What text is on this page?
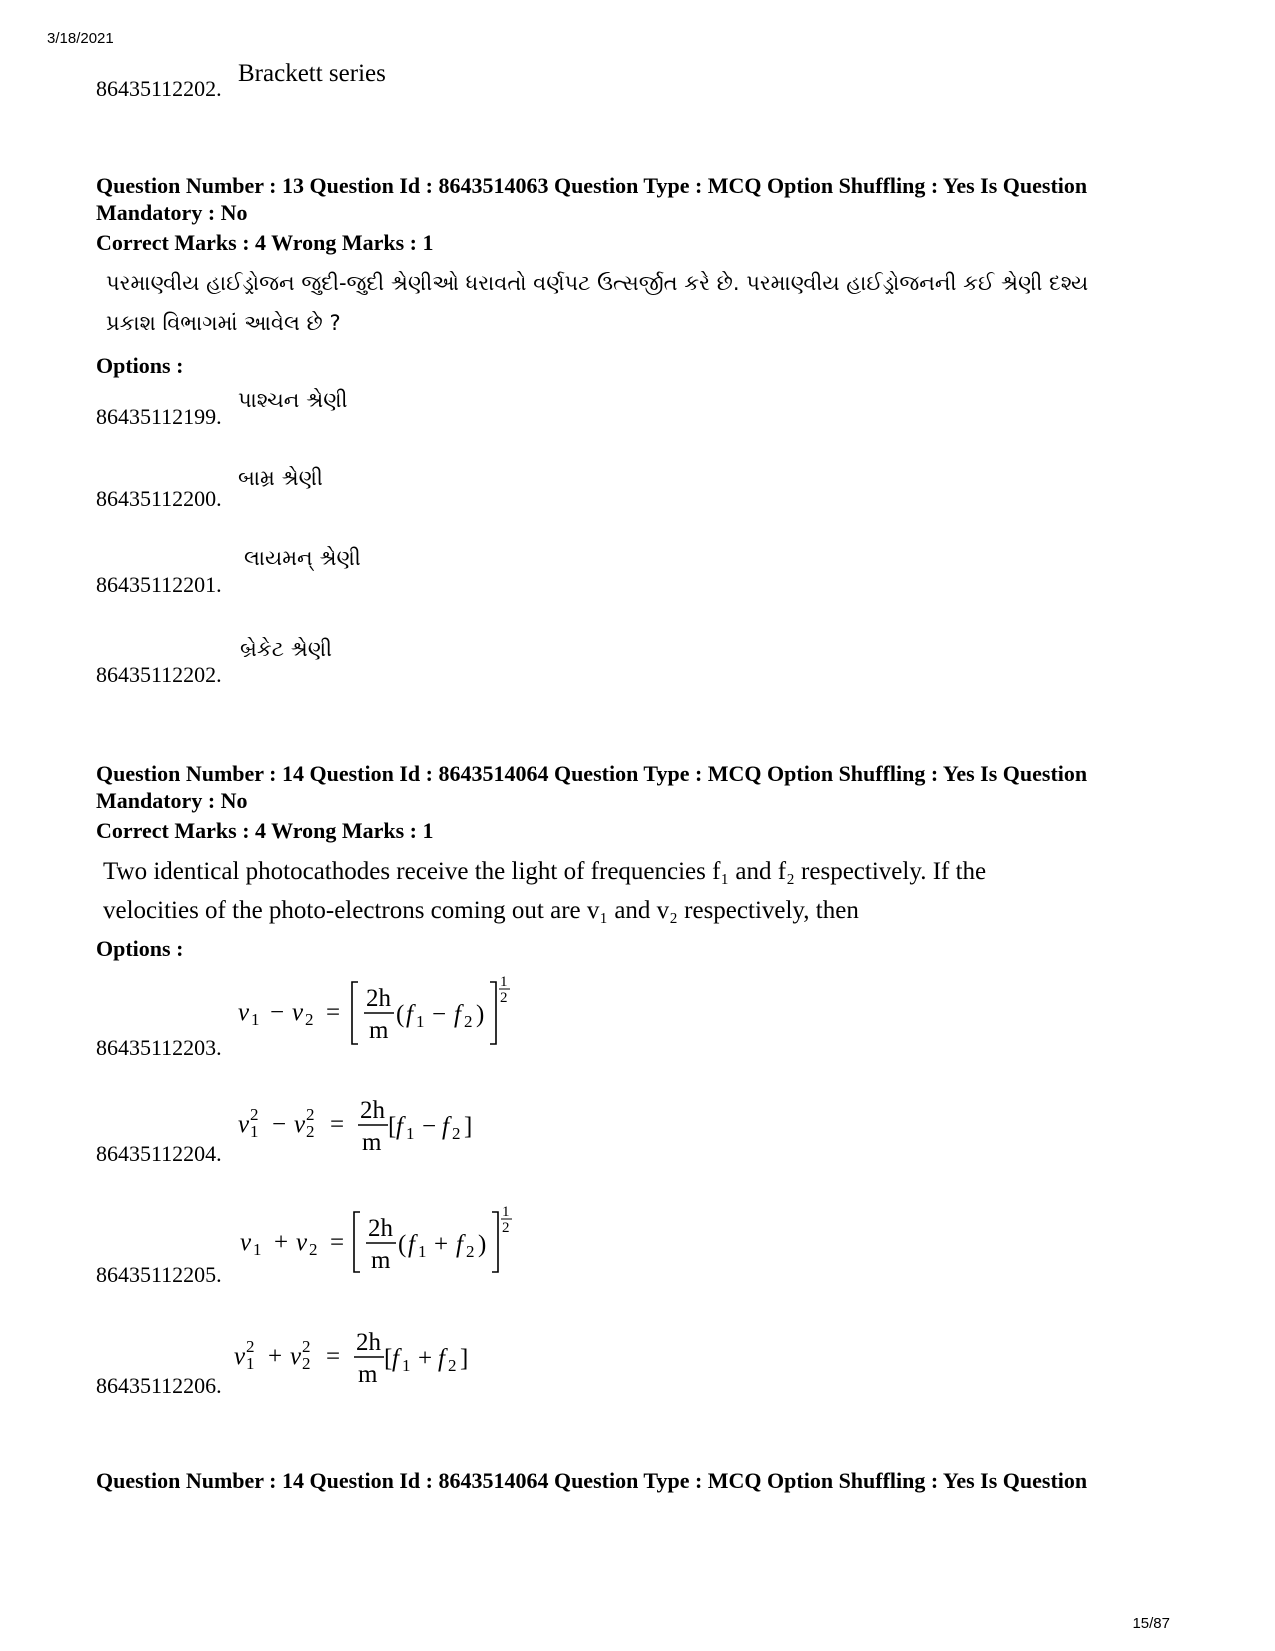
3/18/2021
15/87
86435112202.
Brackett series
Question Number : 13 Question Id : 8643514063 Question Type : MCQ Option Shuffling : Yes Is Question
Mandatory : No
Correct Marks : 4 Wrong Marks : 1
પરમાણ્વીય હાઈડ્રોજન જુદી-જુદી શ્રેણીઓ ધરાવતો વર્ણપટ ઉત્સર્જીત કરે છે. પરમાણ્વીય હાઈડ્રોજનની કઈ શ્રેણી દશ્ય
પ્રકાશ વિભાગમાં આવેલ છે ?
Options :
86435112199.
પાશ્ચન શ્રેણી
86435112200.
બામ્ર શ્રેણી
86435112201.
લાયમન્ શ્રેણી
86435112202.
બ્રેકેટ શ્રેણી
Question Number : 14 Question Id : 8643514064 Question Type : MCQ Option Shuffling : Yes Is Question
Mandatory : No
Correct Marks : 4 Wrong Marks : 1
Two identical photocathodes receive the light of frequencies f₁ and f₂ respectively. If the
velocities of the photo-electrons coming out are v₁ and v₂ respectively, then
Options :
86435112203.
v 1 − v 2 =
2h
m
( f 1 − f 2 )
1
2
86435112204.
v 2
1 − v 2
2 =
2h
m
[ f 1 − f 2 ]
86435112205.
v 1 + v 2 =
2h
m
( f 1 + f 2 )
1
2
86435112206.
v 2
1 + v 2
2 =
2h
m
[ f 1 + f 2 ]
Question Number : 14 Question Id : 8643514064 Question Type : MCQ Option Shuffling : Yes Is Question
